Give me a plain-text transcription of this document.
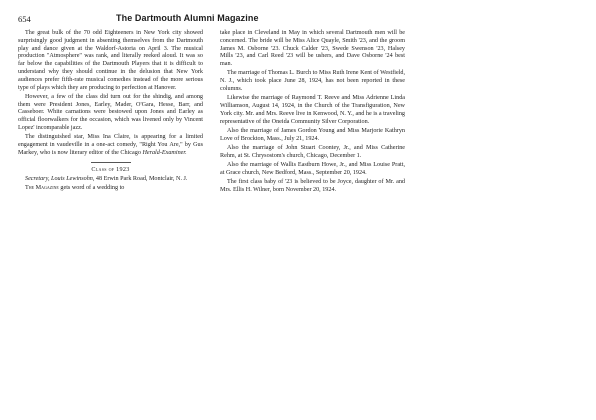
654	The Dartmouth Alumni Magazine

The great bulk of the 70 odd Eighteeners in New York city showed surprisingly good judgment in absenting themselves from the Dartmouth play and dance given at the Waldorf-Astoria on April 3. The musical production "Atmosphere" was rank, and literally reeked aloud. It was so far below the capabilities of the Dartmouth Players that it is difficult to understand why they should continue in the delusion that New York audiences prefer fifth-rate musical comedies instead of the more serious type of plays which they are producing to perfection at Hanover.

However, a few of the class did turn out for the shindig, and among them were President Jones, Earley, Mader, O'Gara, Hesse, Barr, and Casseboer. White carnations were bestowed upon Jones and Earley as official floorwalkers for the occasion, which was livened only by Vincent Lopez' incomparable jazz.

The distinguished star, Miss Ina Claire, is appearing for a limited engagement in vaudeville in a one-act comedy, "Right You Are," by Gus Markey, who is now literary editor of the Chicago Herald-Examiner.

Class of 1923

Secretary, Louis Lewinsohn, 48 Erwin Park Road, Montclair, N. J.

The Magazine gets word of a wedding to

take place in Cleveland in May in which several Dartmouth men will be concerned. The bride will be Miss Alice Quayle, Smith '23, and the groom James M. Osborne '23. Chuck Calder '23, Swede Swenson '23, Halsey Mills '23, and Carl Reed '23 will be ushers, and Dave Osborne '24 best man.

The marriage of Thomas L. Burch to Miss Ruth Irene Kent of Westfield, N. J., which took place June 28, 1924, has not been reported in these columns.

Likewise the marriage of Raymond T. Reeve and Miss Adrienne Linda Williamson, August 14, 1924, in the Church of the Transfiguration, New York city. Mr. and Mrs. Reeve live in Kenwood, N. Y., and he is a traveling representative of the Oneida Community Silver Corporation.

Also the marriage of James Gordon Young and Miss Marjorie Kathryn Love of Brockton, Mass., July 21, 1924.

Also the marriage of John Stuart Coontey, Jr., and Miss Catherine Rehm, at St. Chrysostom's church, Chicago, December 1.

Also the marriage of Wallis Eastburn Howe, Jr., and Miss Louise Pratt, at Grace church, New Bedford, Mass., September 20, 1924.

The first class baby of '23 is believed to be Joyce, daughter of Mr. and Mrs. Ellis H. Wilner, born November 20, 1924.
